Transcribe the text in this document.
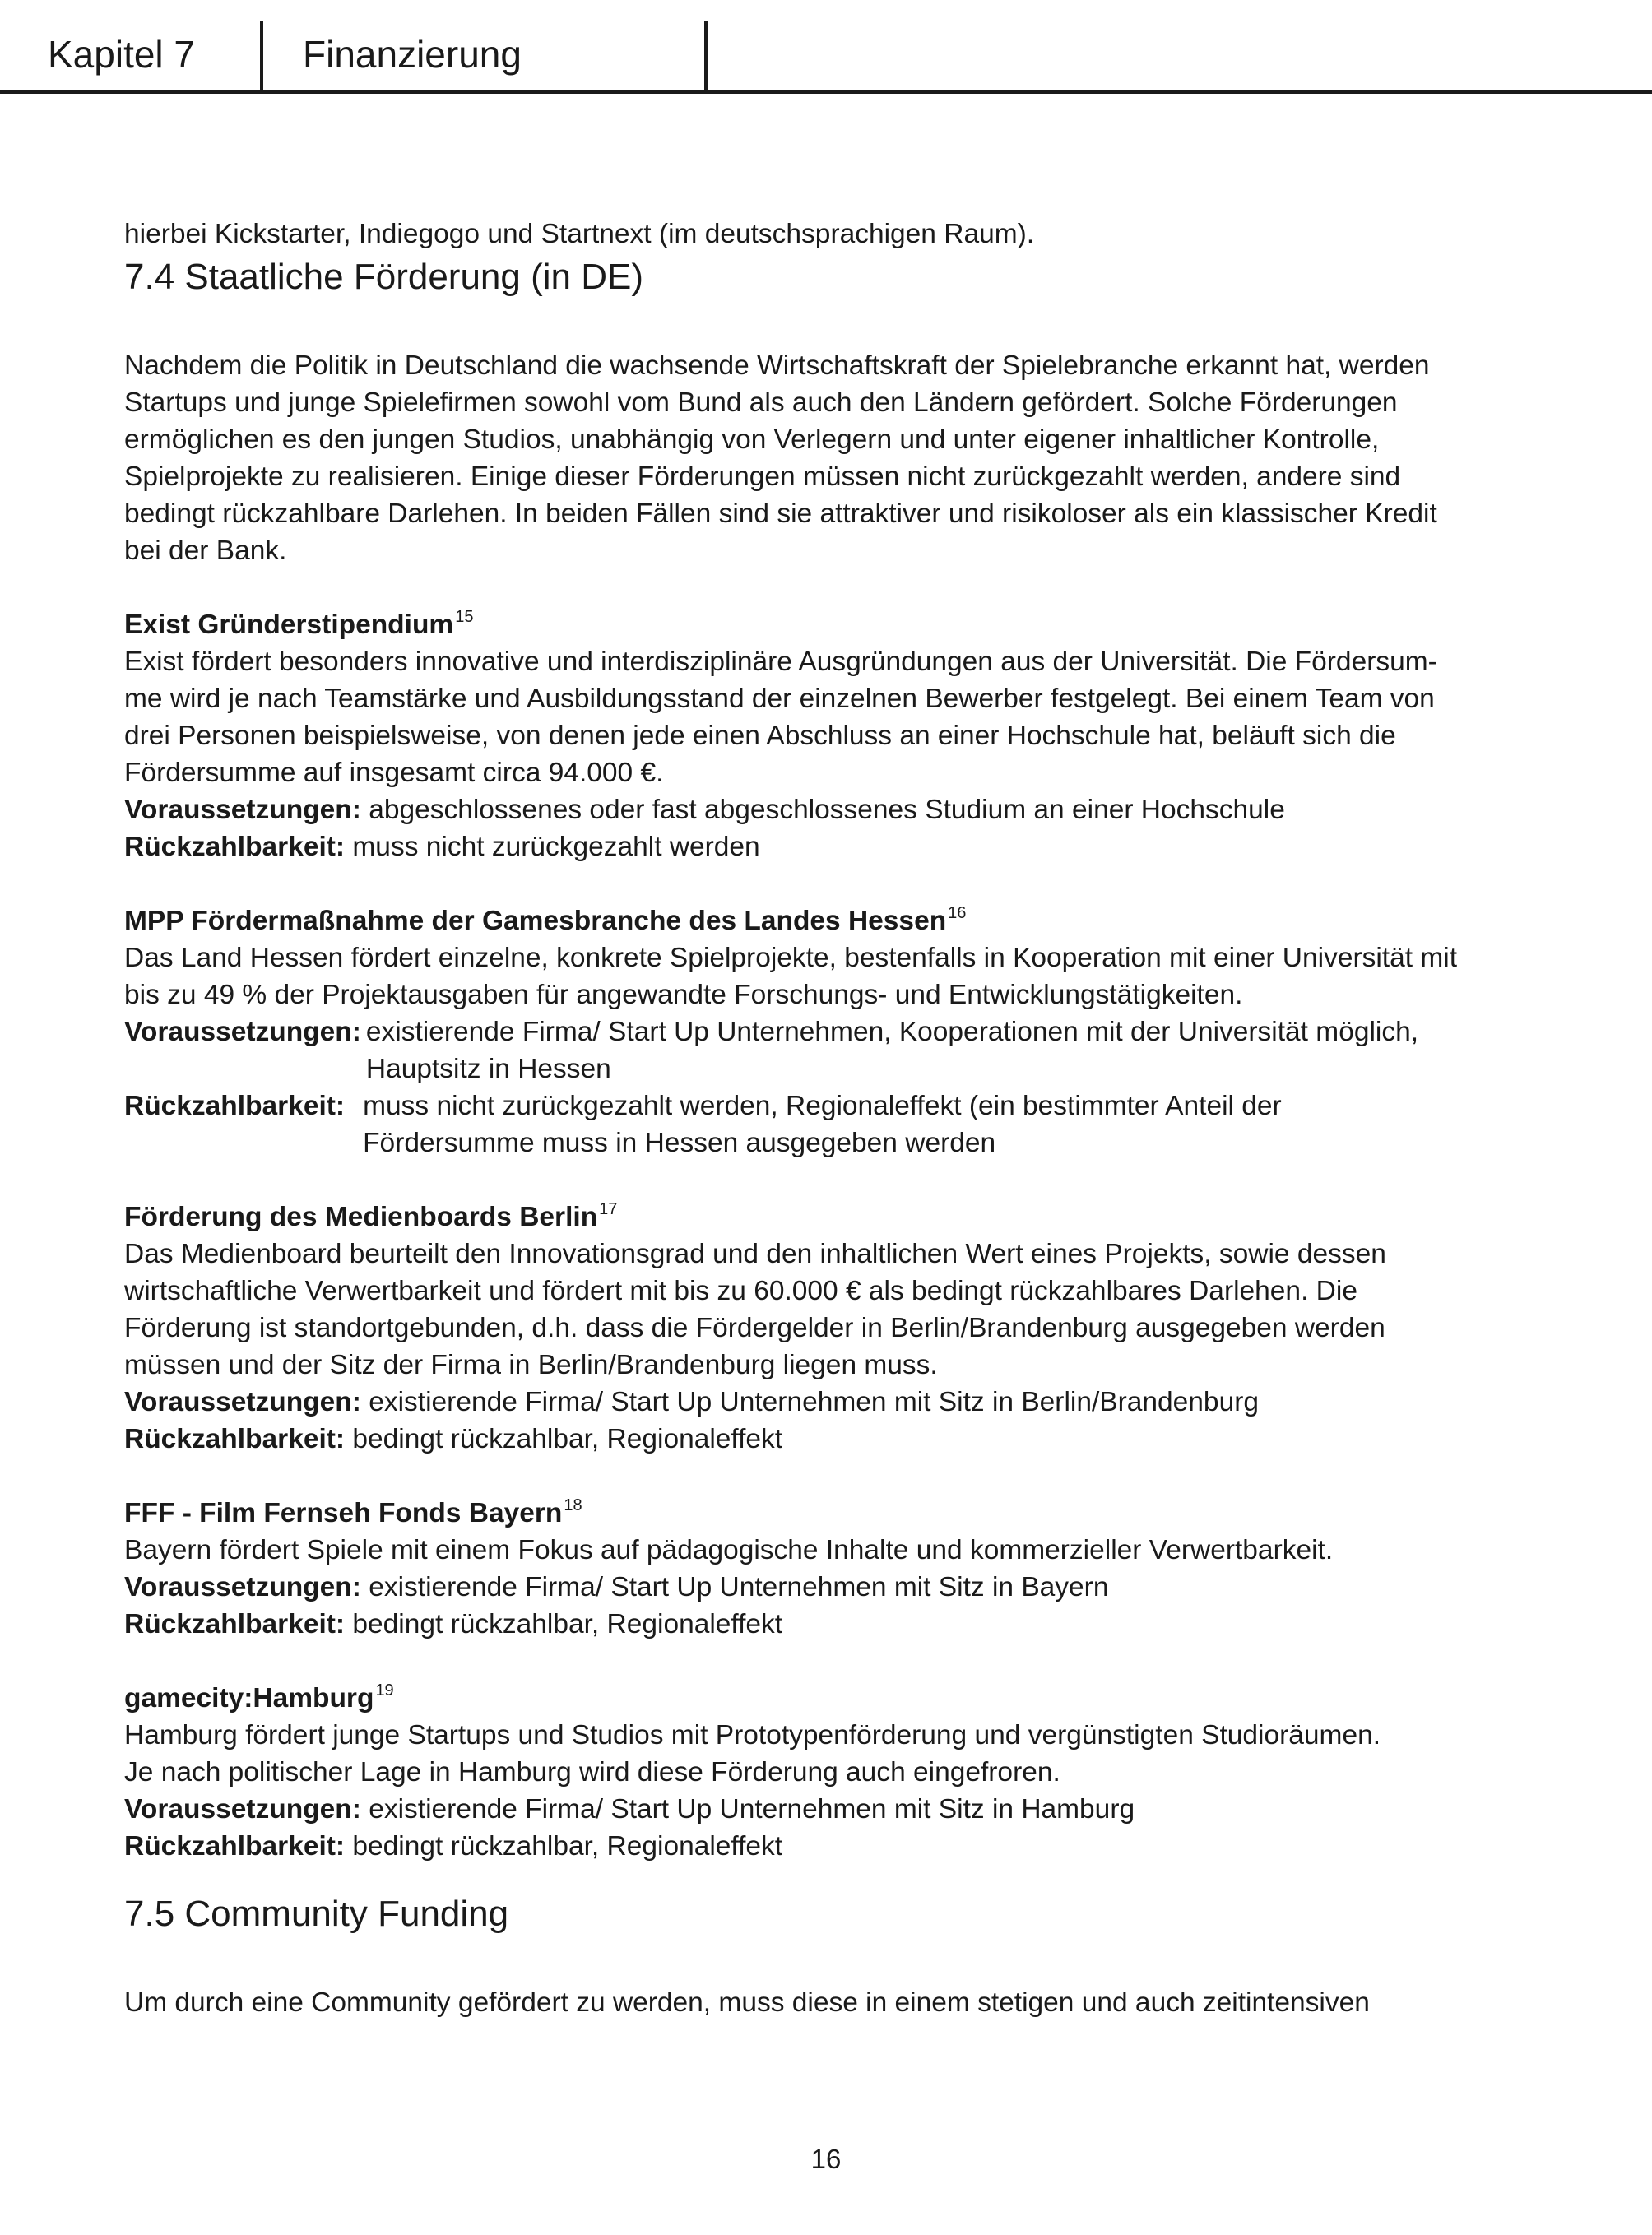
Kapitel 7	Finanzierung

hierbei Kickstarter, Indiegogo und Startnext (im deutschsprachigen Raum).

7.4 Staatliche Förderung (in DE)

Nachdem die Politik in Deutschland die wachsende Wirtschaftskraft der Spielebranche erkannt hat, werden

Startups und junge Spielefirmen sowohl vom Bund als auch den Ländern gefördert. Solche Förderungen

ermöglichen es den jungen Studios, unabhängig von Verlegern und unter eigener inhaltlicher Kontrolle,

Spielprojekte zu realisieren. Einige dieser Förderungen müssen nicht zurückgezahlt werden, andere sind

bedingt rückzahlbare Darlehen. In beiden Fällen sind sie attraktiver und risikoloser als ein klassischer Kredit

bei der Bank.

Exist Gründerstipendium $^{15}$

Exist fördert besonders innovative und interdisziplinäre Ausgründungen aus der Universität. Die Fördersum-

me wird je nach Teamstärke und Ausbildungsstand der einzelnen Bewerber festgelegt. Bei einem Team von

drei Personen beispielsweise, von denen jede einen Abschluss an einer Hochschule hat, beläuft sich die

Fördersumme auf insgesamt circa 94.000 €.

Voraussetzungen: abgeschlossenes oder fast abgeschlossenes Studium an einer Hochschule

Rückzahlbarkeit: muss nicht zurückgezahlt werden

MPP Fördermaßnahme der Gamesbranche des Landes Hessen $^{16}$

Das Land Hessen fördert einzelne, konkrete Spielprojekte, bestenfalls in Kooperation mit einer Universität mit

bis zu 49 % der Projektausgaben für angewandte Forschungs- und Entwicklungstätigkeiten.

Voraussetzungen: existierende Firma/ Start Up Unternehmen, Kooperationen mit der Universität möglich,

Hauptsitz in Hessen

Rückzahlbarkeit: muss nicht zurückgezahlt werden, Regionaleffekt (ein bestimmter Anteil der

Fördersumme muss in Hessen ausgegeben werden

Förderung des Medienboards Berlin $^{17}$

Das Medienboard beurteilt den Innovationsgrad und den inhaltlichen Wert eines Projekts, sowie dessen

wirtschaftliche Verwertbarkeit und fördert mit bis zu 60.000 € als bedingt rückzahlbares Darlehen. Die

Förderung ist standortgebunden, d.h. dass die Fördergelder in Berlin/Brandenburg ausgegeben werden

müssen und der Sitz der Firma in Berlin/Brandenburg liegen muss.

Voraussetzungen: existierende Firma/ Start Up Unternehmen mit Sitz in Berlin/Brandenburg

Rückzahlbarkeit: bedingt rückzahlbar, Regionaleffekt

FFF - Film Fernseh Fonds Bayern $^{18}$

Bayern fördert Spiele mit einem Fokus auf pädagogische Inhalte und kommerzieller Verwertbarkeit.

Voraussetzungen: existierende Firma/ Start Up Unternehmen mit Sitz in Bayern

Rückzahlbarkeit: bedingt rückzahlbar, Regionaleffekt

gamecity:Hamburg $^{19}$

Hamburg fördert junge Startups und Studios mit Prototypenförderung und vergünstigten Studioräumen.

Je nach politischer Lage in Hamburg wird diese Förderung auch eingefroren.

Voraussetzungen: existierende Firma/ Start Up Unternehmen mit Sitz in Hamburg

Rückzahlbarkeit: bedingt rückzahlbar, Regionaleffekt

7.5 Community Funding

Um durch eine Community gefördert zu werden, muss diese in einem stetigen und auch zeitintensiven

16
